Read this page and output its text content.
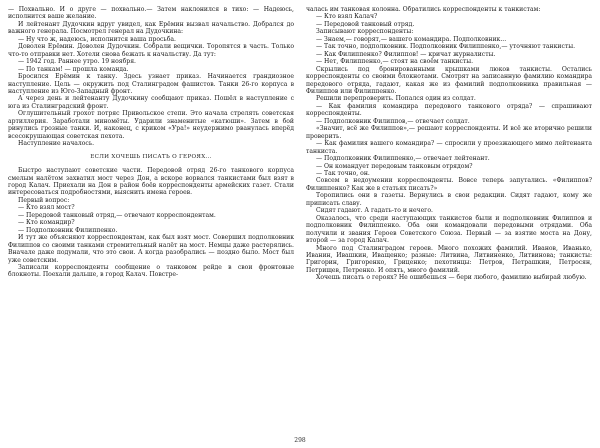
— Похвально. И о друге — похвально.— Затем наклонился в тихо: — Надеюсь, исполнится ваше желание.

И лейтенант Дудочкин вдруг увидел, как Ерёмин вызвал начальство. Добрался до важного генерала. Посмотрел генерал на Дудочкина:

— Ну что ж, надеюсь, исполнится ваша просьба.

Доволен Ерёмин. Доволен Дудочкин. Собрали вещички. Торопятся в часть. Только что-то отправки нет. Хотели снова бежать к начальству. Да тут:

— 1942 год. Раннее утро. 19 ноября.

— По танкам! — прошла команда.

Бросился Ерёмин к танку. Здесь узнает приказ. Начинается грандиозное наступление. Цель — окружить под Сталинградом фашистов. Танки 26-го корпуса в наступление из Юго-Западный фронт.

А через день и лейтенанту Дудочкину сообщают приказ. Пошёл в наступление с юга из Сталинградский фронт.

Оглушительный грохот потряс Привольское степи. Это начала стрелять советская артиллерия. Заработали миномёты. Ударили знаменитые «катюши». Затем в бой ринулись грозные танки. И, наконец, с криком «Ура!» неудержимо рванулась вперёд всесокрушающая советская пехота.

Наступление началось.

ЕСЛИ ХОЧЕШЬ ПИСАТЬ О ГЕРОЯХ...

Быстро наступают советские части. Передовой отряд 26-го танкового корпуса смелым налётом захватил мост через Дон, а вскоре ворвался танкистами был взят в город Калач. Приехали на Дон в район боёв корреспонденты армейских газет. Стали интересоваться подробностями, выяснить имена героев.

Первый вопрос:

— Кто взял мост?

— Передовой танковый отряд,— отвечают корреспондентам.

— Кто командир?

— Подполковник Филиппенко.

И тут же объясняют корреспондентам, как был взят мост. Совершил подполковник Филиппов со своими танками стремительный налёт на мост. Немцы даже растерялись. Вначале даже подумали, что это свои. А когда разобрались — поздно было. Мост был уже советским.

Записали корреспонденты сообщение о танковом рейде в свои фронтовые блокноты. Поехали дальше, в город Калач. Повстре-

чалась им танковая колонна. Обратились корреспонденты к танкистам:

— Кто взял Калач?

— Передовой танковый отряд.

Записывают корреспонденты:

— Знаем,— говорят,— вашего командира. Подполковник...

— Так точно, подполковник. Подполковник Филиппенко,— уточняют танкисты.

— Как Филиппенко? Филиппов! — кричат журналисты.

— Нет, Филиппенко,— стоят на своём танкисты.

Скрылись под бронированными крышками люков танкисты. Остались корреспонденты со своими блокнотами. Смотрят на записанную фамилию командира передового отряда, гадают, какая же из фамилий подполковника правильная — Филиппов или Филиппенко.

Решили перепроверить. Попался один из солдат.

— Как фамилия командира передового танкового отряда? — спрашивают корреспонденты.

— Подполковник Филиппов,— отвечает солдат.

«Значит, всё же Филиппов»,— решают корреспонденты. И всё же вторично решили проверить.

— Как фамилия вашего командира? — спросили у проезжающего мимо лейтенанта танкиста.

— Подполковник Филиппенко,— отвечает лейтенант.

— Он командует передовым танковым отрядом?

— Так точно, он.

Совсем в недоумении корреспонденты. Вовсе теперь запутались. «Филиппов? Филиппенко? Как же в статьях писать?»

Торопились они в газеты. Вернулись в свои редакции. Сидят гадают, кому же приписать славу.

Сидят гадают. А гадать-то и нечего.

Оказалось, что среди наступающих танкистов были и подполковник Филиппов и подполковник Филиппенко. Оба они командовали передовыми отрядами. Оба получили и звания Героев Советского Союза. Первый — за взятие моста на Дону, второй — за город Калач.

Много под Сталинградом героев. Много похожих фамилий. Иванов, Иванько, Иванин, Ивашкин, Иващенко; разные: Литвина, Литвиненко, Литвинова; танкисты: Григорин, Григоренко, Гриценко; пехотинцы: Петров, Петрашкин, Петросян, Петрищев, Петренко. И опять, много фамилий.

Хочешь писать о героях? Не ошибешься — бери любого, фамилию выбирай любую.

298
